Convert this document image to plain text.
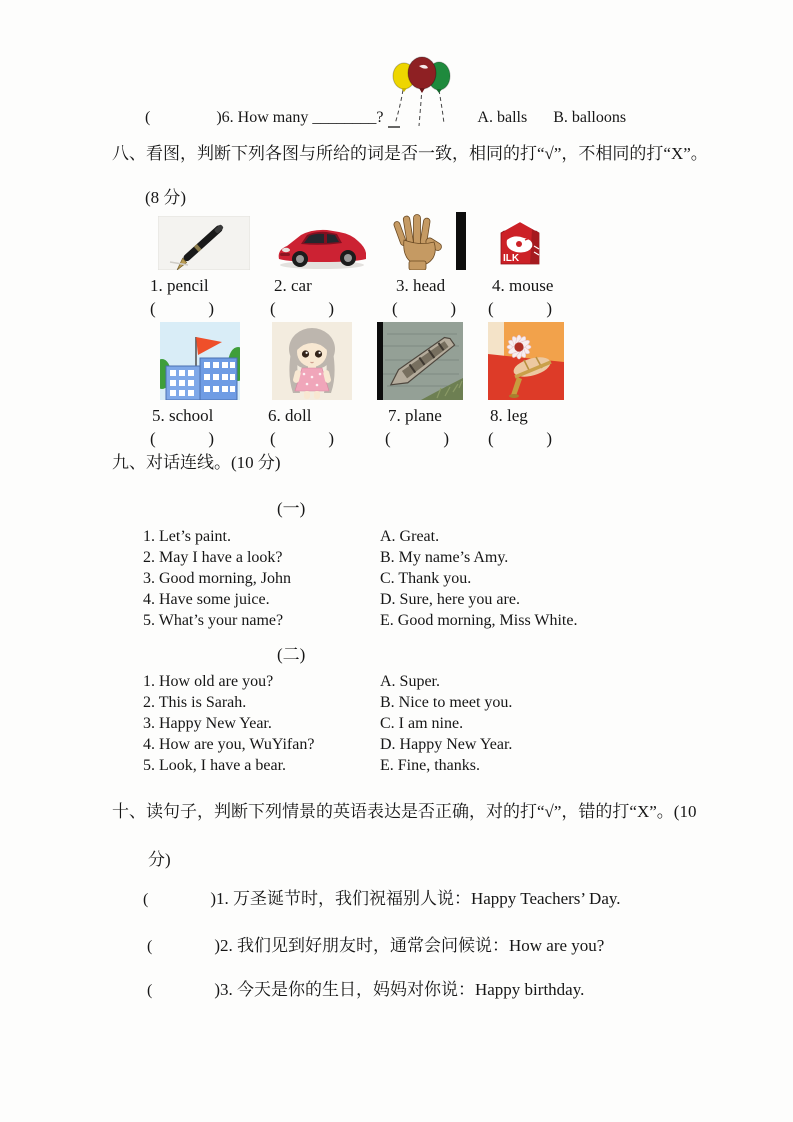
(	)6. How many ________?	A. balls B. balloons
八、看图，判断下列各图与所给的词是否一致，相同的打“√”，不相同的打“X”。
(8 分)
1. pencil
(	)
2. car
(	)
3. head
(	)
ILK
4. mouse
(	)
5. school
(	)
6. doll
(	)
7. plane
(	)
8. leg
(	)
九、对话连线。(10 分)
(一)
1. Let’s paint.	A. Great.
2. May I have a look?	B. My name’s Amy.
3. Good morning, John	C. Thank you.
4. Have some juice.	D. Sure, here you are.
5. What’s your name?	E. Good morning, Miss White.
(二)
1. How old are you?	A. Super.
2. This is Sarah.	B. Nice to meet you.
3. Happy New Year.	C. I am nine.
4. How are you, WuYifan?	D. Happy New Year.
5. Look, I have a bear.	E. Fine, thanks.
十、读句子，判断下列情景的英语表达是否正确，对的打“√”，错的打“X”。(10
分)
(	)1. 万圣诞节时，我们祝福别人说：Happy Teachers’ Day.
(	)2. 我们见到好朋友时，通常会问候说：How are you?
(	)3. 今天是你的生日，妈妈对你说：Happy birthday.
